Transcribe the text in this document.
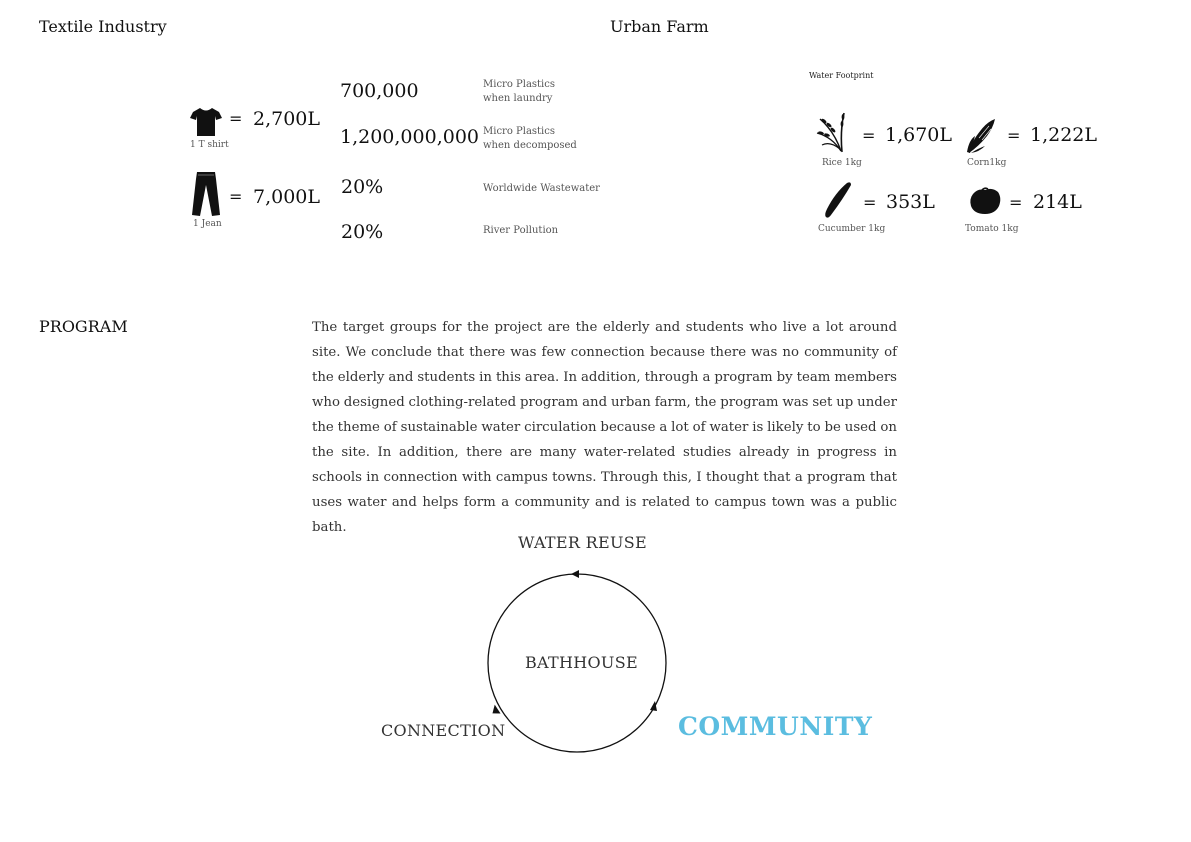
Textile Industry
1 T shirt
= 2,700L
1 Jean
= 7,000L
700,000	Micro Plastics
when laundry
1,200,000,000 Micro Plastics
when decomposed
20%	Worldwide Wastewater
20%	River Pollution
Urban Farm
Water Footprint
Rice 1kg
= 1,670L
Corn1kg
= 1,222L
Cucumber 1kg
= 353L
Tomato 1kg
= 214L
PROGRAM	The target groups for the project are the elderly and students who live a lot around site. We conclude that there was few connection because there was no community of the elderly and students in this area. In addition, through a program by team members who designed clothing-related program and urban farm, the program was set up under the theme of sustainable water circulation because a lot of water is likely to be used on the site. In addition, there are many water-related studies already in progress in schools in connection with campus towns. Through this, I thought that a program that uses water and helps form a community and is related to campus town was a public bath.
BATHHOUSE
WATER REUSE
CONNECTION	COMMUNITY
